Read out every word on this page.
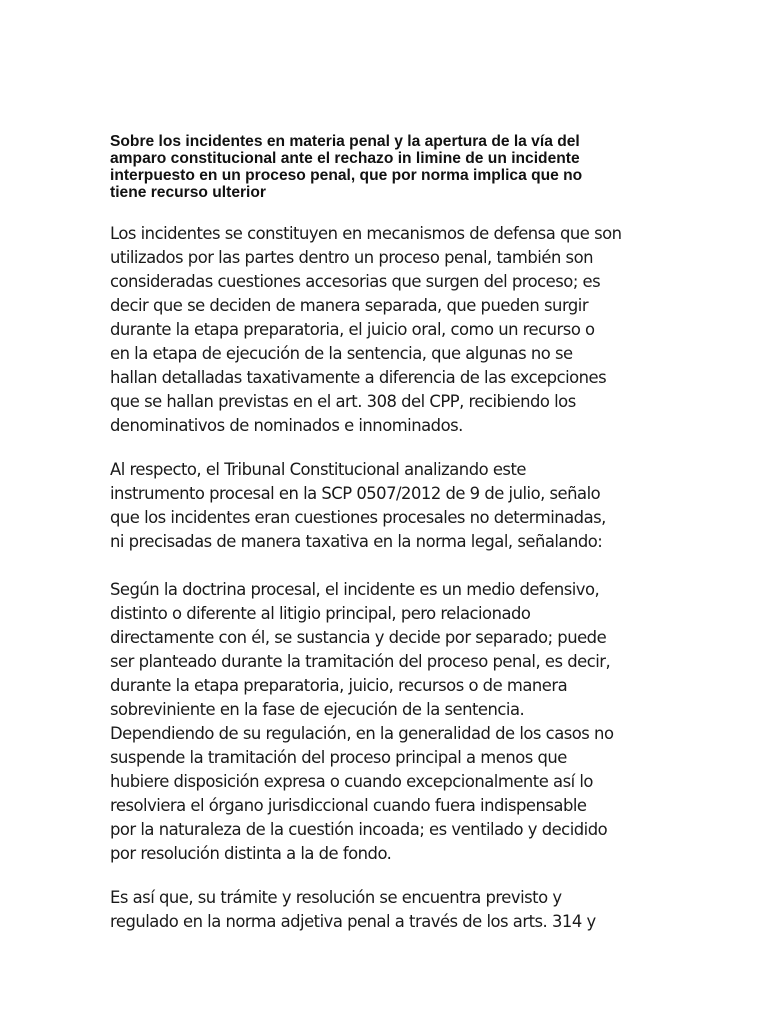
Sobre los incidentes en materia penal y la apertura de la vía del
amparo constitucional ante el rechazo in limine de un incidente
interpuesto en un proceso penal, que por norma implica que no
tiene recurso ulterior

Los incidentes se constituyen en mecanismos de defensa que son
utilizados por las partes dentro un proceso penal, también son
consideradas cuestiones accesorias que surgen del proceso; es
decir que se deciden de manera separada, que pueden surgir
durante la etapa preparatoria, el juicio oral, como un recurso o
en la etapa de ejecución de la sentencia, que algunas no se
hallan detalladas taxativamente a diferencia de las excepciones
que se hallan previstas en el art. 308 del CPP, recibiendo los
denominativos de nominados e innominados.

Al respecto, el Tribunal Constitucional analizando este
instrumento procesal en la SCP 0507/2012 de 9 de julio, señalo
que los incidentes eran cuestiones procesales no determinadas,
ni precisadas de manera taxativa en la norma legal, señalando:

Según la doctrina procesal, el incidente es un medio defensivo,
distinto o diferente al litigio principal, pero relacionado
directamente con él, se sustancia y decide por separado; puede
ser planteado durante la tramitación del proceso penal, es decir,
durante la etapa preparatoria, juicio, recursos o de manera
sobreviniente en la fase de ejecución de la sentencia.
Dependiendo de su regulación, en la generalidad de los casos no
suspende la tramitación del proceso principal a menos que
hubiere disposición expresa o cuando excepcionalmente así lo
resolviera el órgano jurisdiccional cuando fuera indispensable
por la naturaleza de la cuestión incoada; es ventilado y decidido
por resolución distinta a la de fondo.

Es así que, su trámite y resolución se encuentra previsto y
regulado en la norma adjetiva penal a través de los arts. 314 y
